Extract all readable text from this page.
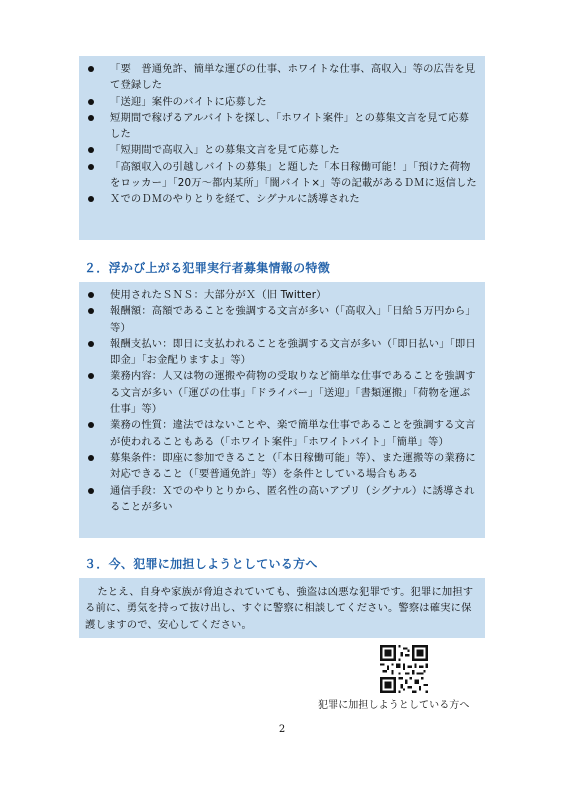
「要　普通免許、簡単な運びの仕事、ホワイトな仕事、高収入」等の広告を見て登録した
「送迎」案件のバイトに応募した
短期間で稼げるアルバイトを探し、「ホワイト案件」との募集文言を見て応募した
「短期間で高収入」との募集文言を見て応募した
「高額収入の引越しバイトの募集」と題した「本日稼働可能！」「預けた荷物をロッカー」「20万～都内某所」「闇バイト×」等の記載があるＤＭに返信した
ＸでのＤＭのやりとりを経て、シグナルに誘導された
２．浮かび上がる犯罪実行者募集情報の特徴
使用されたＳＮＳ：大部分がＸ（旧 Twitter）
報酬額：高額であることを強調する文言が多い（「高収入」「日給５万円から」等）
報酬支払い：即日に支払われることを強調する文言が多い（「即日払い」「即日即金」「お金配りますよ」等）
業務内容：人又は物の運搬や荷物の受取りなど簡単な仕事であることを強調する文言が多い（「運びの仕事」「ドライバー」「送迎」「書類運搬」「荷物を運ぶ仕事」等）
業務の性質：違法ではないことや、楽で簡単な仕事であることを強調する文言が使われることもある（「ホワイト案件」「ホワイトバイト」「簡単」等）
募集条件：即座に参加できること（「本日稼働可能」等）、また運搬等の業務に対応できること（「要普通免許」等）を条件としている場合もある
通信手段：Ｘでのやりとりから、匿名性の高いアプリ（シグナル）に誘導されることが多い
３．今、犯罪に加担しようとしている方へ

たとえ、自身や家族が脅迫されていても、強盗は凶悪な犯罪です。犯罪に加担する前に、勇気を持って抜け出し、すぐに警察に相談してください。警察は確実に保護しますので、安心してください。

犯罪に加担しようとしている方へ
2
